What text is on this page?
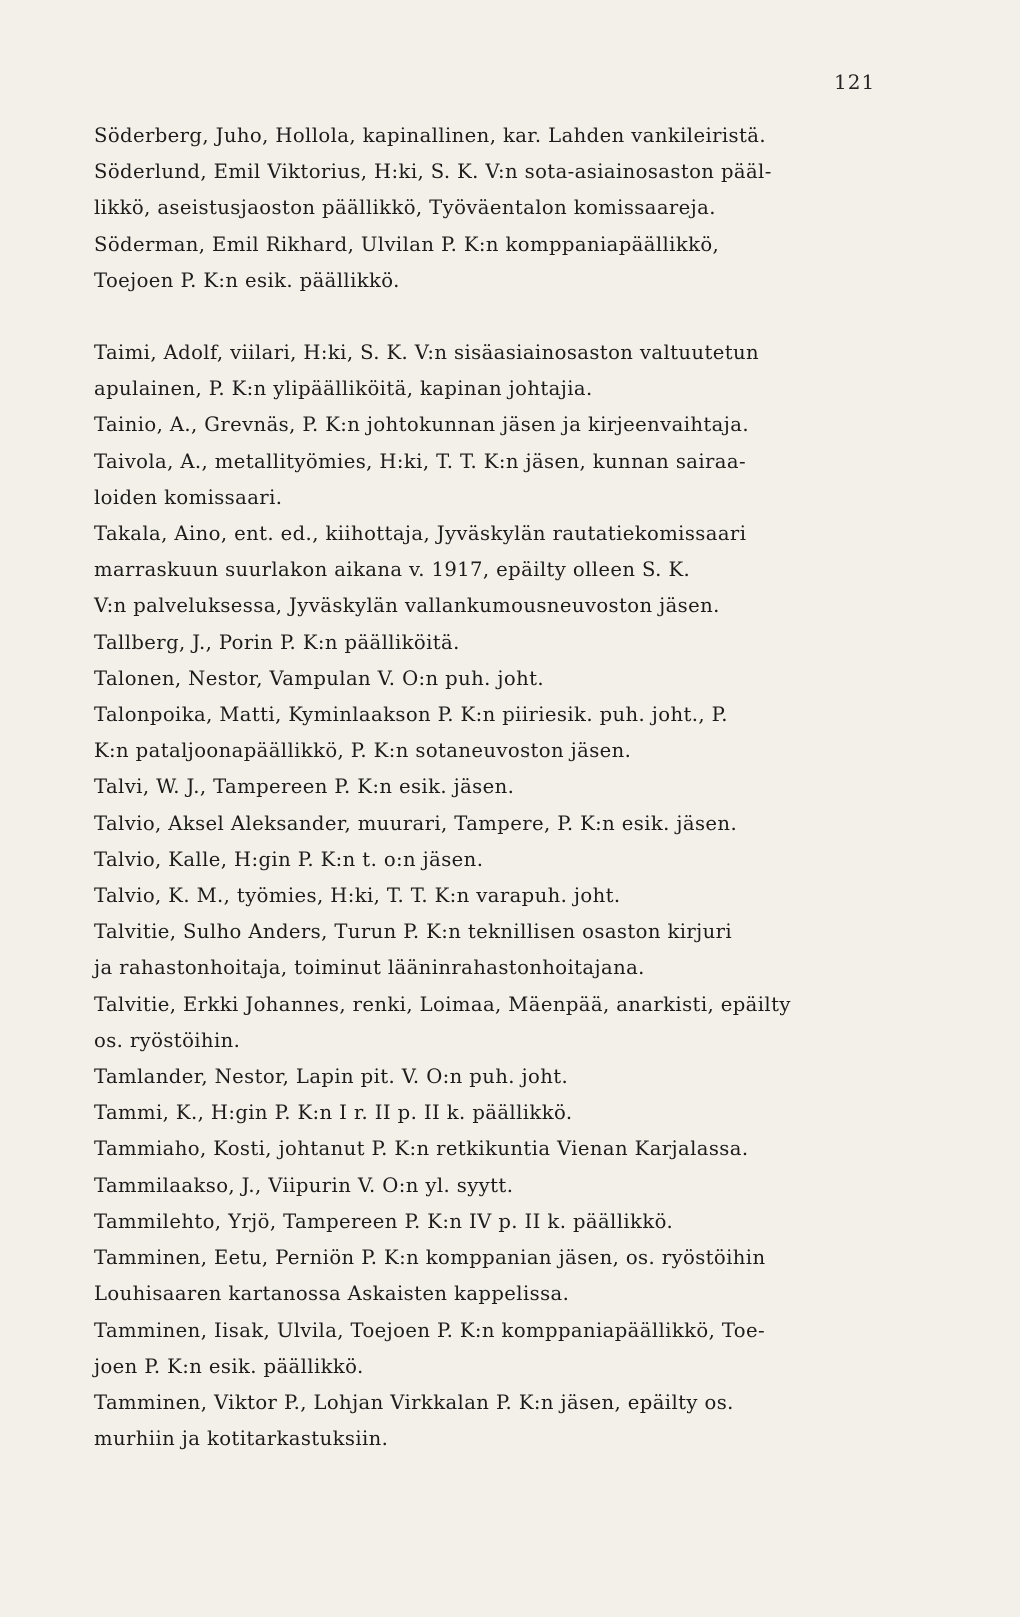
121

Söderberg, Juho, Hollola, kapinallinen, kar. Lahden vankileiristä.

Söderlund, Emil Viktorius, H:ki, S. K. V:n sota-asiainosaston pääl-
likkö, aseistusjaoston päällikkö, Työväentalon komissaareja.

Söderman, Emil Rikhard, Ulvilan P. K:n komppaniapäällikkö,
Toejoen P. K:n esik. päällikkö.

Taimi, Adolf, viilari, H:ki, S. K. V:n sisäasiainosaston valtuutetun
apulainen, P. K:n ylipäälliköitä, kapinan johtajia.

Tainio, A., Grevnäs, P. K:n johtokunnan jäsen ja kirjeenvaihtaja.

Taivola, A., metallityömies, H:ki, T. T. K:n jäsen, kunnan sairaa-
loiden komissaari.

Takala, Aino, ent. ed., kiihottaja, Jyväskylän rautatiekomissaari
marraskuun suurlakon aikana v. 1917, epäilty olleen S. K.
V:n palveluksessa, Jyväskylän vallankumousneuvoston jäsen.

Tallberg, J., Porin P. K:n päälliköitä.

Talonen, Nestor, Vampulan V. O:n puh. joht.

Talonpoika, Matti, Kyminlaakson P. K:n piiriesik. puh. joht., P.
K:n pataljoonapäällikkö, P. K:n sotaneuvoston jäsen.

Talvi, W. J., Tampereen P. K:n esik. jäsen.

Talvio, Aksel Aleksander, muurari, Tampere, P. K:n esik. jäsen.

Talvio, Kalle, H:gin P. K:n t. o:n jäsen.

Talvio, K. M., työmies, H:ki, T. T. K:n varapuh. joht.

Talvitie, Sulho Anders, Turun P. K:n teknillisen osaston kirjuri
ja rahastonhoitaja, toiminut lääninrahastonhoitajana.

Talvitie, Erkki Johannes, renki, Loimaa, Mäenpää, anarkisti, epäilty
os. ryöstöihin.

Tamlander, Nestor, Lapin pit. V. O:n puh. joht.

Tammi, K., H:gin P. K:n I r. II p. II k. päällikkö.

Tammiaho, Kosti, johtanut P. K:n retkikuntia Vienan Karjalassa.

Tammilaakso, J., Viipurin V. O:n yl. syytt.

Tammilehto, Yrjö, Tampereen P. K:n IV p. II k. päällikkö.

Tamminen, Eetu, Perniön P. K:n komppanian jäsen, os. ryöstöihin
Louhisaaren kartanossa Askaisten kappelissa.

Tamminen, Iisak, Ulvila, Toejoen P. K:n komppaniapäällikkö, Toe-
joen P. K:n esik. päällikkö.

Tamminen, Viktor P., Lohjan Virkkalan P. K:n jäsen, epäilty os.
murhiin ja kotitarkastuksiin.
